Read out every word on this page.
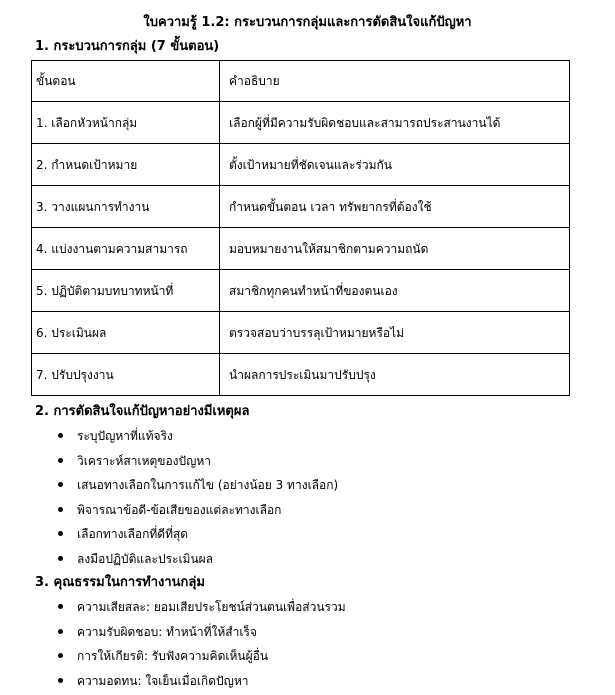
ใบความรู้ 1.2: กระบวนการกลุ่มและการตัดสินใจแก้ปัญหา
1. กระบวนการกลุ่ม (7 ขั้นตอน)
ขั้นตอน	คำอธิบาย
1. เลือกหัวหน้ากลุ่ม	เลือกผู้ที่มีความรับผิดชอบและสามารถประสานงานได้
2. กำหนดเป้าหมาย	ตั้งเป้าหมายที่ชัดเจนและร่วมกัน
3. วางแผนการทำงาน	กำหนดขั้นตอน เวลา ทรัพยากรที่ต้องใช้
4. แบ่งงานตามความสามารถ	มอบหมายงานให้สมาชิกตามความถนัด
5. ปฏิบัติตามบทบาทหน้าที่	สมาชิกทุกคนทำหน้าที่ของตนเอง
6. ประเมินผล	ตรวจสอบว่าบรรลุเป้าหมายหรือไม่
7. ปรับปรุงงาน	นำผลการประเมินมาปรับปรุง
2. การตัดสินใจแก้ปัญหาอย่างมีเหตุผล
ระบุปัญหาที่แท้จริง
วิเคราะห์สาเหตุของปัญหา
เสนอทางเลือกในการแก้ไข (อย่างน้อย 3 ทางเลือก)
พิจารณาข้อดี-ข้อเสียของแต่ละทางเลือก
เลือกทางเลือกที่ดีที่สุด
ลงมือปฏิบัติและประเมินผล
3. คุณธรรมในการทำงานกลุ่ม
ความเสียสละ: ยอมเสียประโยชน์ส่วนตนเพื่อส่วนรวม
ความรับผิดชอบ: ทำหน้าที่ให้สำเร็จ
การให้เกียรติ: รับฟังความคิดเห็นผู้อื่น
ความอดทน: ใจเย็นเมื่อเกิดปัญหา
